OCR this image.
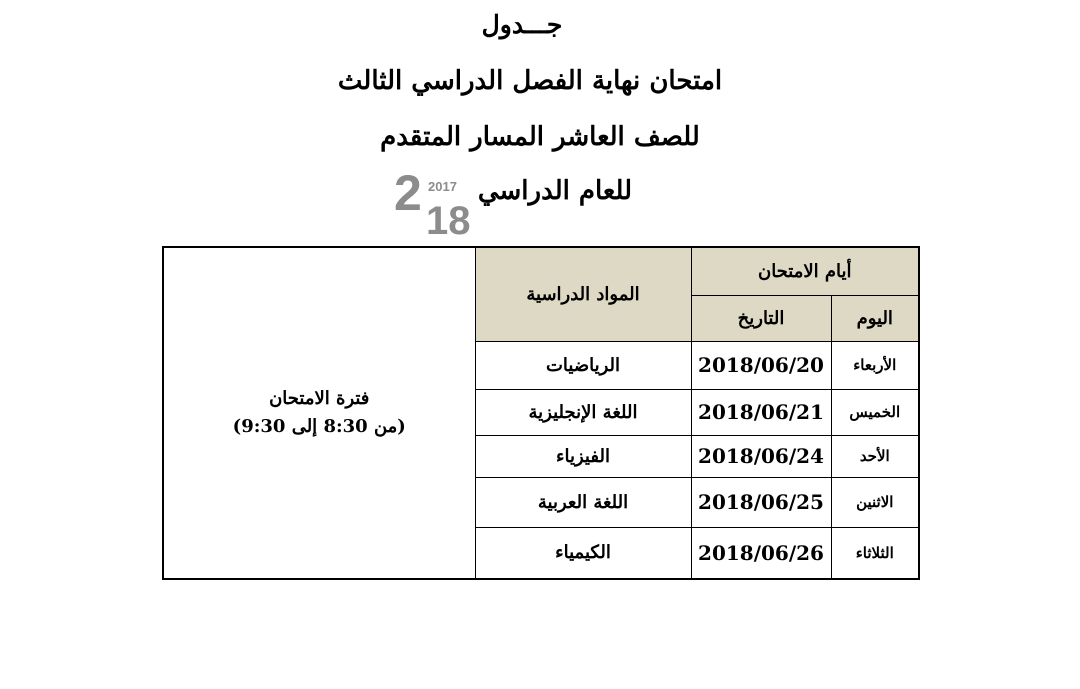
جـــدول
امتحان نهاية الفصل الدراسي الثالث
للصف العاشر المسار المتقدم
للعام الدراسي
2 2017
18
فترة الامتحان
(من 8:30 إلى 9:30)	المواد الدراسية	أيام الامتحان	
		التاريخ	اليوم
	الرياضيات	2018/06/20	الأربعاء
	اللغة الإنجليزية	2018/06/21	الخميس
	الفيزياء	2018/06/24	الأحد
	اللغة العربية	2018/06/25	الاثنين
	الكيمياء	2018/06/26	الثلاثاء
